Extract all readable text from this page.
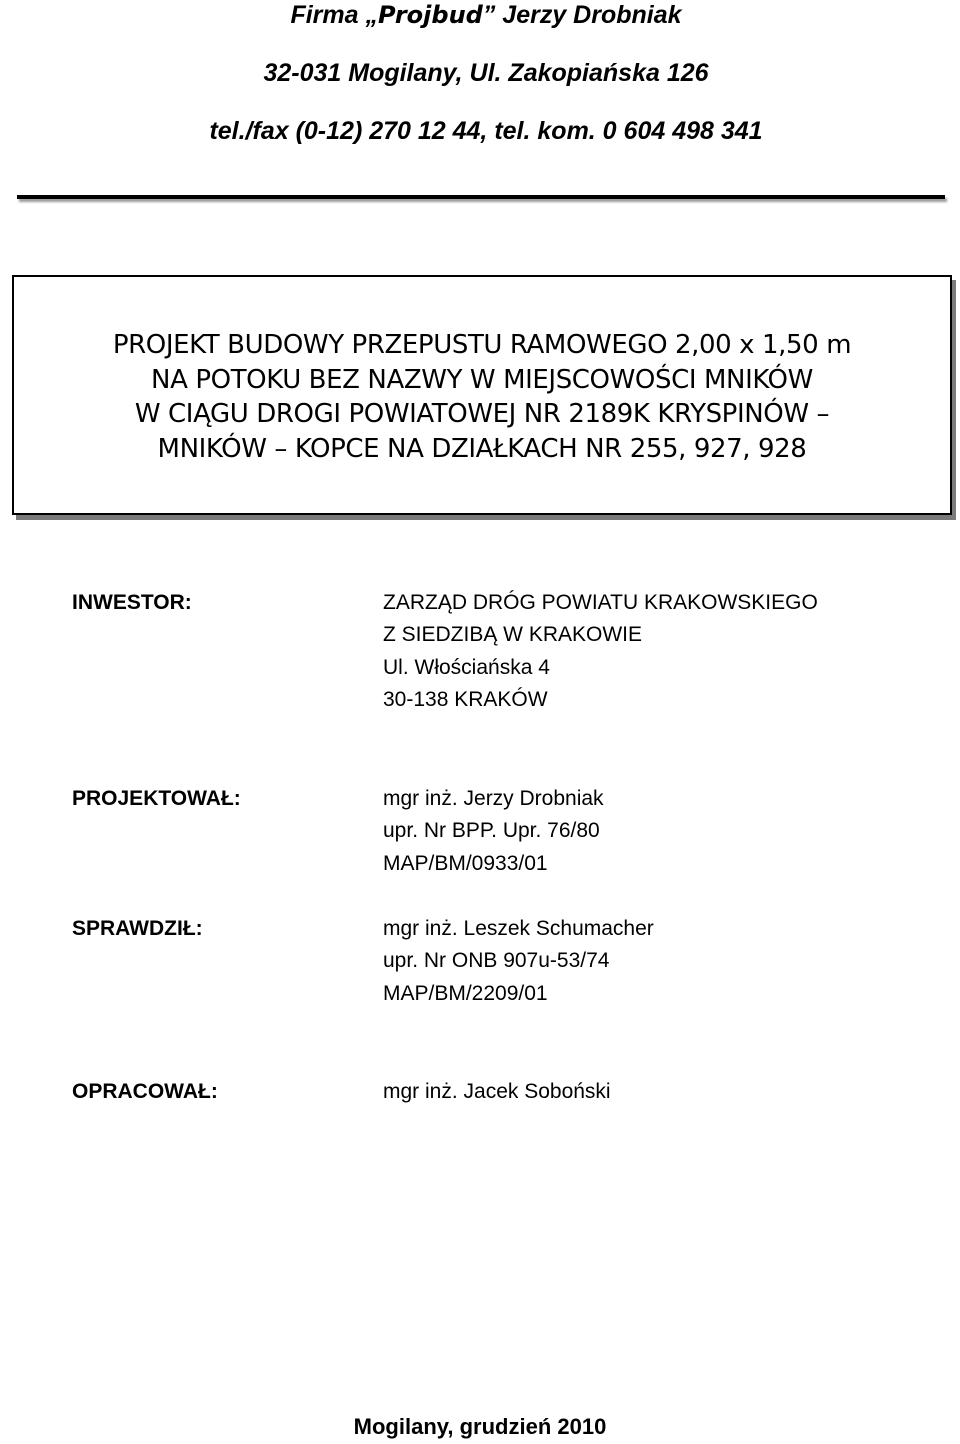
Firma „Projbud” Jerzy Drobniak
32-031 Mogilany, Ul. Zakopiańska 126
tel./fax (0-12) 270 12 44, tel. kom. 0 604 498 341
PROJEKT BUDOWY PRZEPUSTU RAMOWEGO 2,00 x 1,50 m
NA POTOKU BEZ NAZWY W MIEJSCOWOŚCI MNIKÓW
W CIĄGU DROGI POWIATOWEJ NR 2189K KRYSPINÓW –
MNIKÓW – KOPCE NA DZIAŁKACH NR 255, 927, 928
INWESTOR:	ZARZĄD DRÓG POWIATU KRAKOWSKIEGO
Z SIEDZIBĄ W KRAKOWIE
Ul. Włościańska 4
30-138 KRAKÓW
PROJEKTOWAŁ:	mgr inż. Jerzy Drobniak
upr. Nr BPP. Upr. 76/80
MAP/BM/0933/01
SPRAWDZIŁ:	mgr inż. Leszek Schumacher
upr. Nr ONB 907u-53/74
MAP/BM/2209/01
OPRACOWAŁ:	mgr inż. Jacek Soboński
Mogilany, grudzień 2010
